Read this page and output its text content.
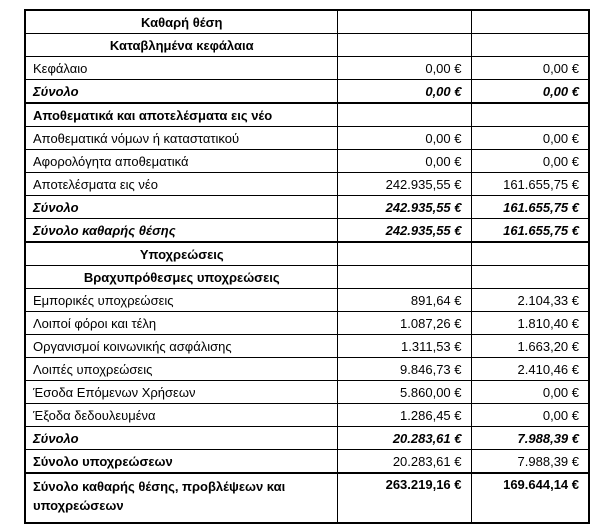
Καθαρή θέση		
Καταβλημένα κεφάλαια		
Κεφάλαιο	0,00 €	0,00 €
Σύνολο	0,00 €	0,00 €
Αποθεματικά και αποτελέσματα εις νέο		
Αποθεματικά νόμων ή καταστατικού	0,00 €	0,00 €
Αφορολόγητα αποθεματικά	0,00 €	0,00 €
Αποτελέσματα εις νέο	242.935,55 €	161.655,75 €
Σύνολο	242.935,55 €	161.655,75 €
Σύνολο καθαρής θέσης	242.935,55 €	161.655,75 €
Υποχρεώσεις		
Βραχυπρόθεσμες υποχρεώσεις		
Εμπορικές υποχρεώσεις	891,64 €	2.104,33 €
Λοιποί φόροι και τέλη	1.087,26 €	1.810,40 €
Οργανισμοί κοινωνικής ασφάλισης	1.311,53 €	1.663,20 €
Λοιπές υποχρεώσεις	9.846,73 €	2.410,46 €
Έσοδα Επόμενων Χρήσεων	5.860,00 €	0,00 €
Έξοδα δεδουλευμένα	1.286,45 €	0,00 €
Σύνολο	20.283,61 €	7.988,39 €
Σύνολο υποχρεώσεων	20.283,61 €	7.988,39 €
Σύνολο καθαρής θέσης, προβλέψεων και υποχρεώσεων	263.219,16 €	169.644,14 €
